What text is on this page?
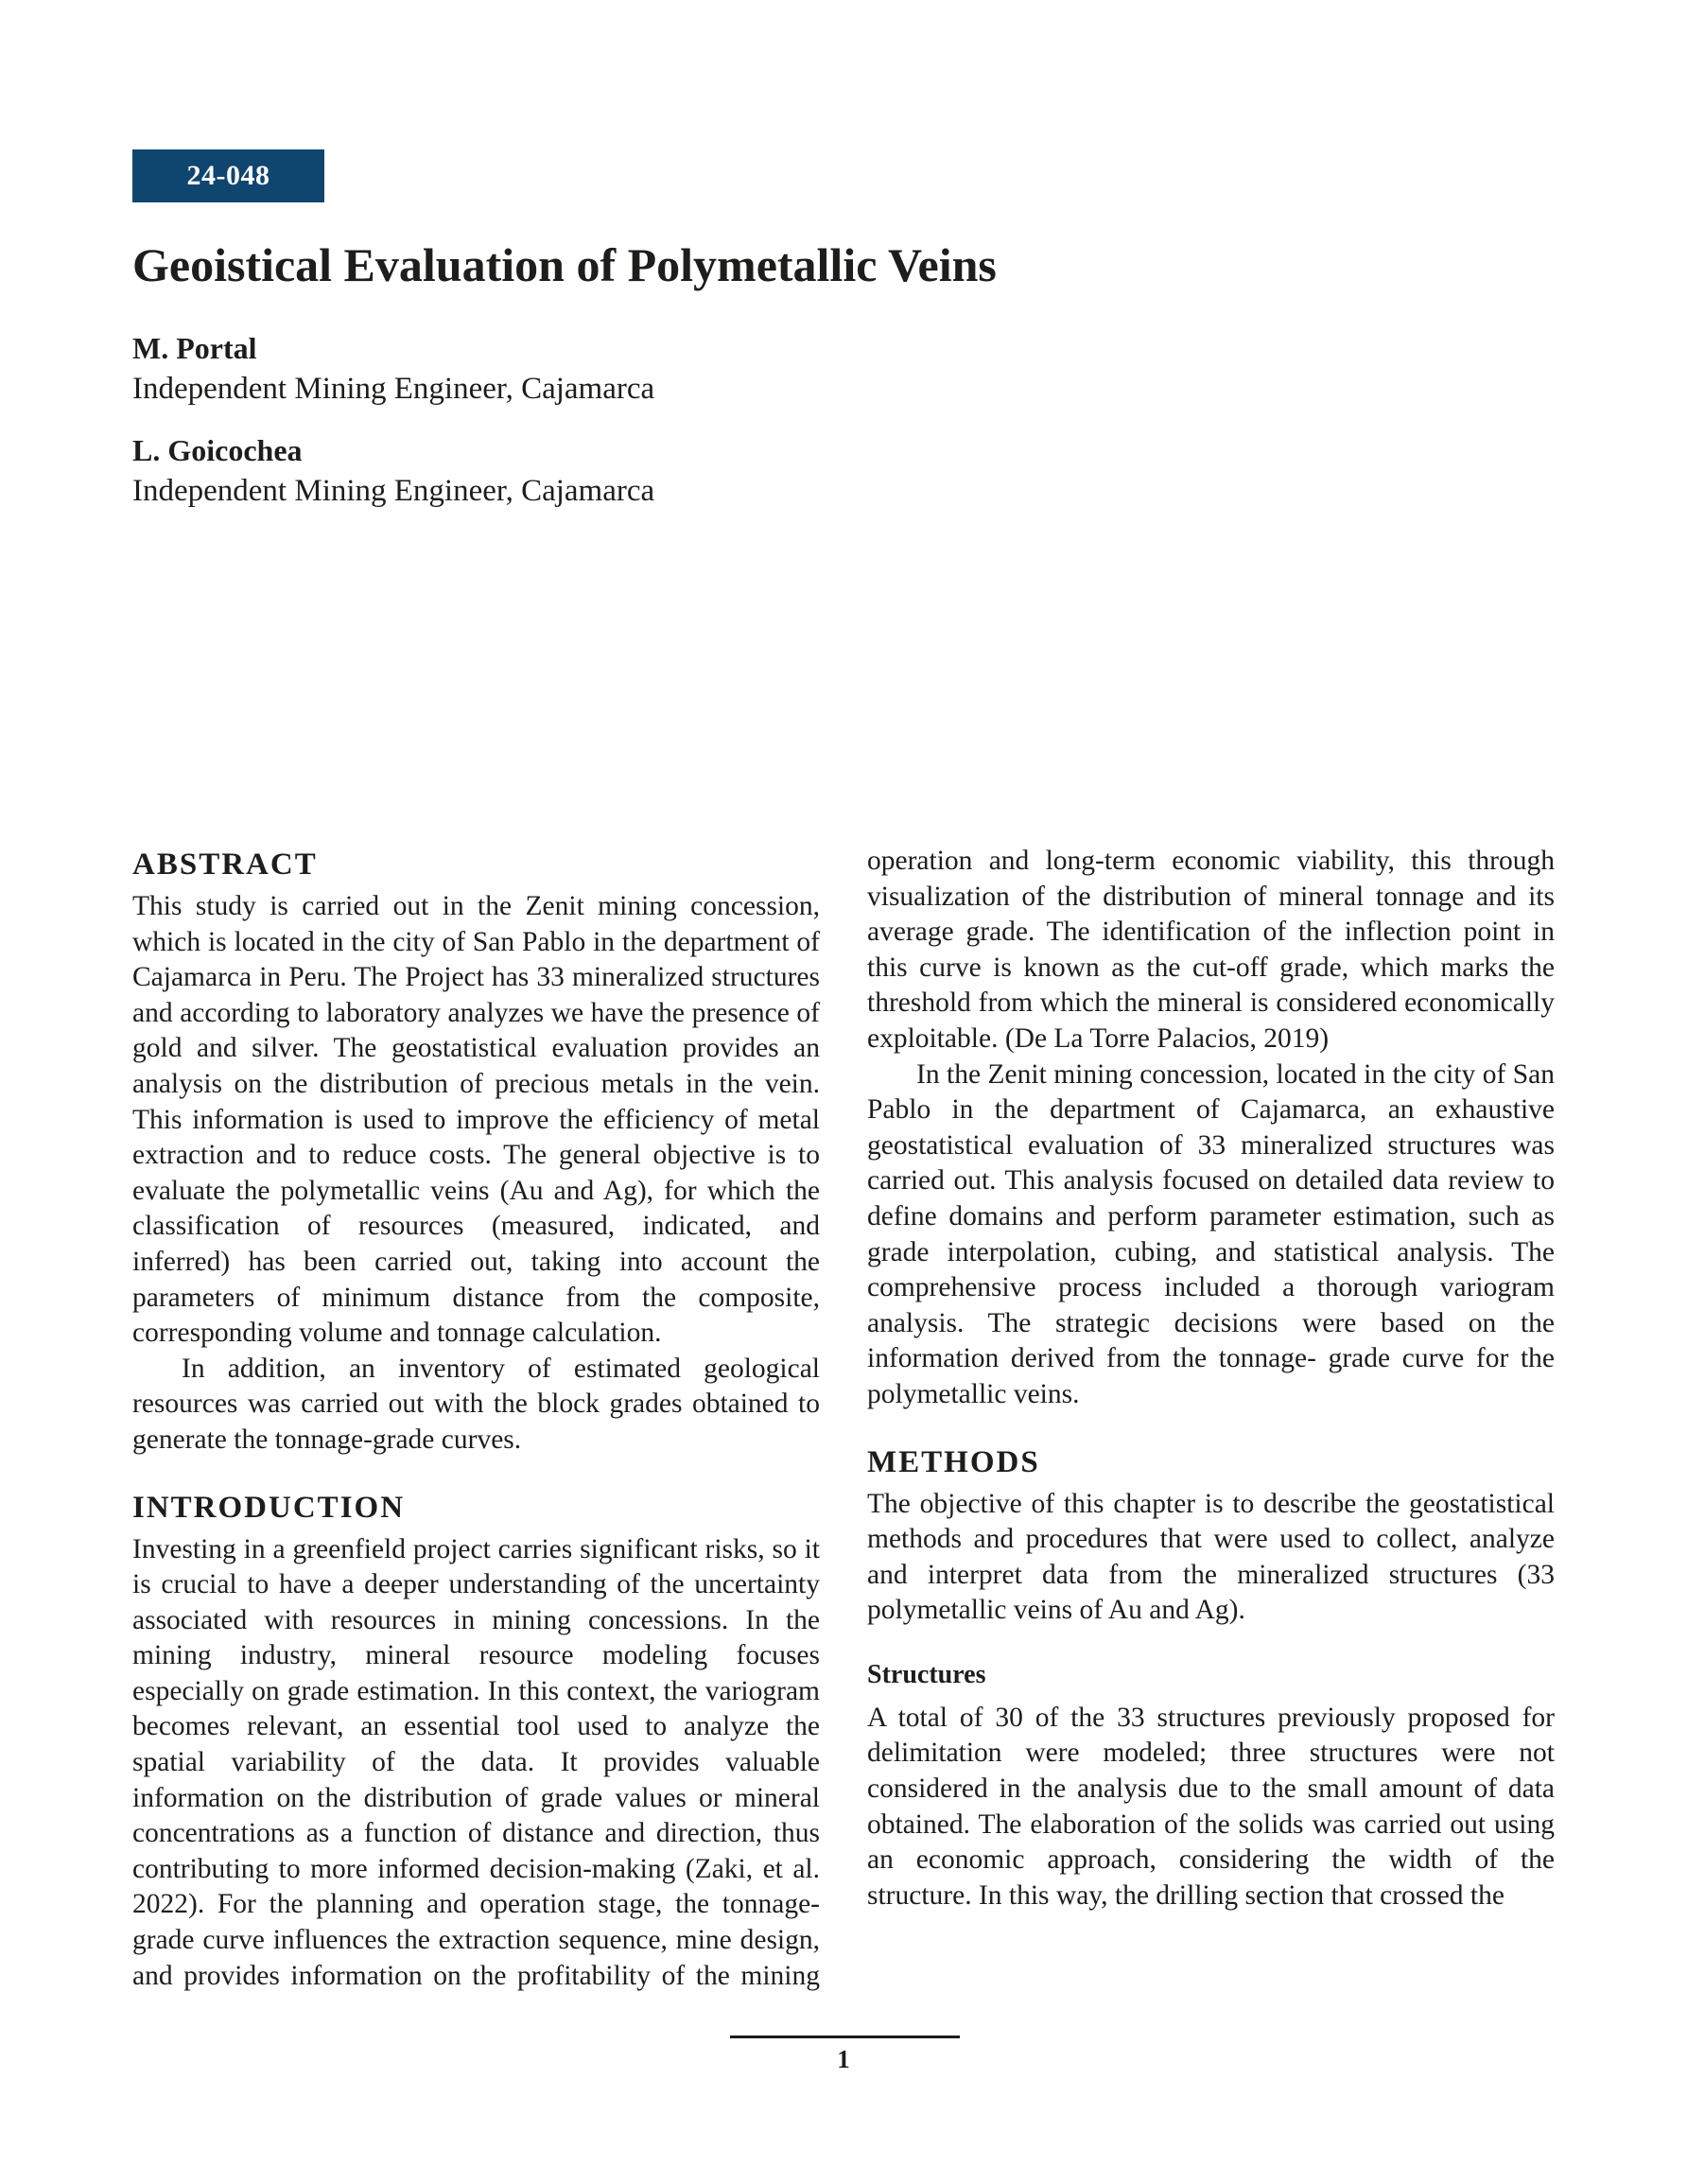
24-048
Geoistical Evaluation of Polymetallic Veins
M. Portal
Independent Mining Engineer, Cajamarca
L. Goicochea
Independent Mining Engineer, Cajamarca
ABSTRACT

This study is carried out in the Zenit mining concession, which is located in the city of San Pablo in the department of Cajamarca in Peru. The Project has 33 mineralized structures and according to laboratory analyzes we have the presence of gold and silver. The geostatistical evaluation provides an analysis on the distribution of precious metals in the vein. This information is used to improve the efficiency of metal extraction and to reduce costs. The general objective is to evaluate the polymetallic veins (Au and Ag), for which the classification of resources (measured, indicated, and inferred) has been carried out, taking into account the parameters of minimum distance from the composite, corresponding volume and tonnage calculation.

In addition, an inventory of estimated geological resources was carried out with the block grades obtained to generate the tonnage-grade curves.

INTRODUCTION

Investing in a greenfield project carries significant risks, so it is crucial to have a deeper understanding of the uncertainty associated with resources in mining concessions. In the mining industry, mineral resource modeling focuses especially on grade estimation. In this context, the variogram becomes relevant, an essential tool used to analyze the spatial variability of the data. It provides valuable information on the distribution of grade values or mineral concentrations as a function of distance and direction, thus contributing to more informed decision-making (Zaki, et al. 2022). For the planning and operation stage, the tonnage- grade curve influences the extraction sequence, mine design, and provides information on the profitability of the mining

operation and long-term economic viability, this through visualization of the distribution of mineral tonnage and its average grade. The identification of the inflection point in this curve is known as the cut-off grade, which marks the threshold from which the mineral is considered economically exploitable. (De La Torre Palacios, 2019)

In the Zenit mining concession, located in the city of San Pablo in the department of Cajamarca, an exhaustive geostatistical evaluation of 33 mineralized structures was carried out. This analysis focused on detailed data review to define domains and perform parameter estimation, such as grade interpolation, cubing, and statistical analysis. The comprehensive process included a thorough variogram analysis. The strategic decisions were based on the information derived from the tonnage- grade curve for the polymetallic veins.

METHODS

The objective of this chapter is to describe the geostatistical methods and procedures that were used to collect, analyze and interpret data from the mineralized structures (33 polymetallic veins of Au and Ag).

Structures

A total of 30 of the 33 structures previously proposed for delimitation were modeled; three structures were not considered in the analysis due to the small amount of data obtained. The elaboration of the solids was carried out using an economic approach, considering the width of the structure. In this way, the drilling section that crossed the

1
